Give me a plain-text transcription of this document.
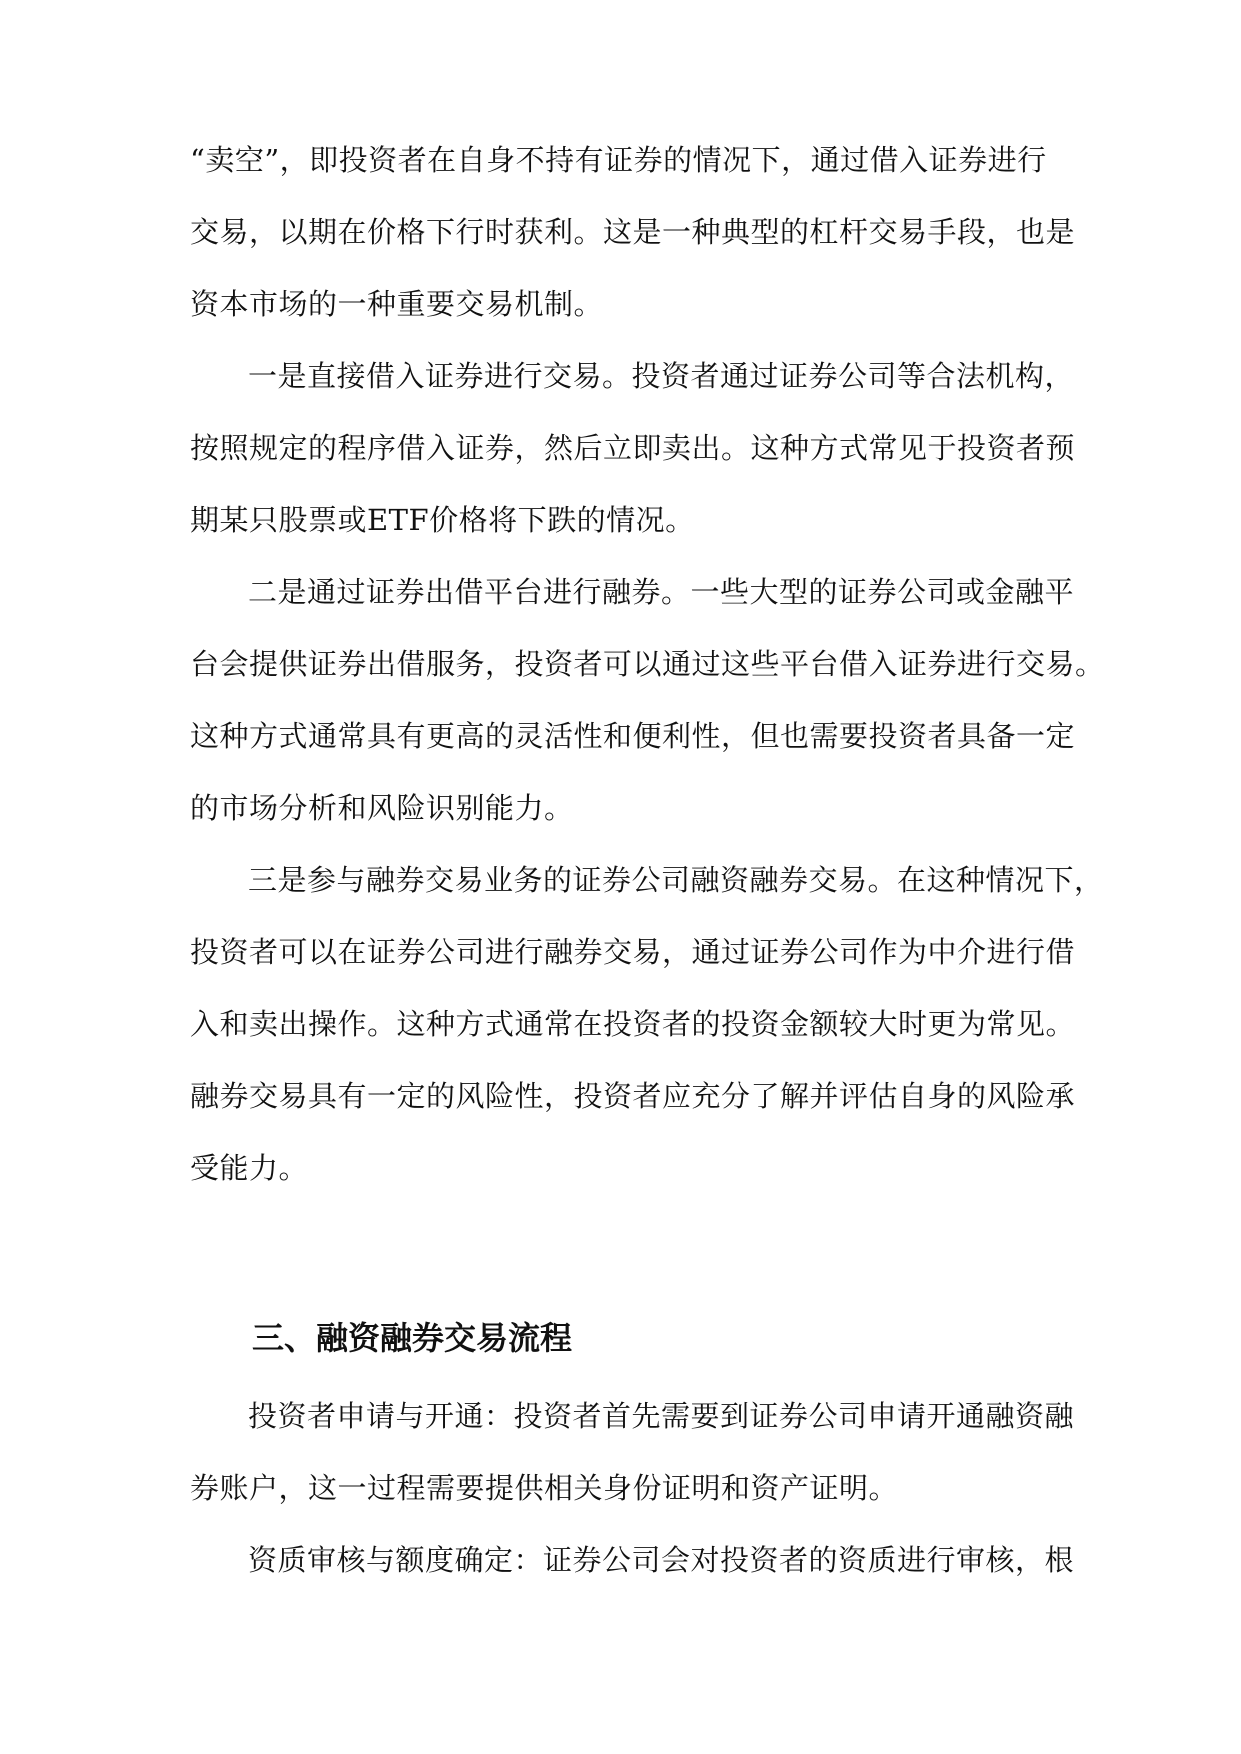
“卖空”，即投资者在自身不持有证券的情况下，通过借入证券进行

交易，以期在价格下行时获利。这是一种典型的杠杆交易手段，也是

资本市场的一种重要交易机制。

一是直接借入证券进行交易。投资者通过证券公司等合法机构，

按照规定的程序借入证券，然后立即卖出。这种方式常见于投资者预

期某只股票或ETF价格将下跌的情况。

二是通过证券出借平台进行融券。一些大型的证券公司或金融平

台会提供证券出借服务，投资者可以通过这些平台借入证券进行交易。

这种方式通常具有更高的灵活性和便利性，但也需要投资者具备一定

的市场分析和风险识别能力。

三是参与融券交易业务的证券公司融资融券交易。在这种情况下，

投资者可以在证券公司进行融券交易，通过证券公司作为中介进行借

入和卖出操作。这种方式通常在投资者的投资金额较大时更为常见。

融券交易具有一定的风险性，投资者应充分了解并评估自身的风险承

受能力。

三、融资融券交易流程

投资者申请与开通：投资者首先需要到证券公司申请开通融资融

券账户，这一过程需要提供相关身份证明和资产证明。

资质审核与额度确定：证券公司会对投资者的资质进行审核，根
